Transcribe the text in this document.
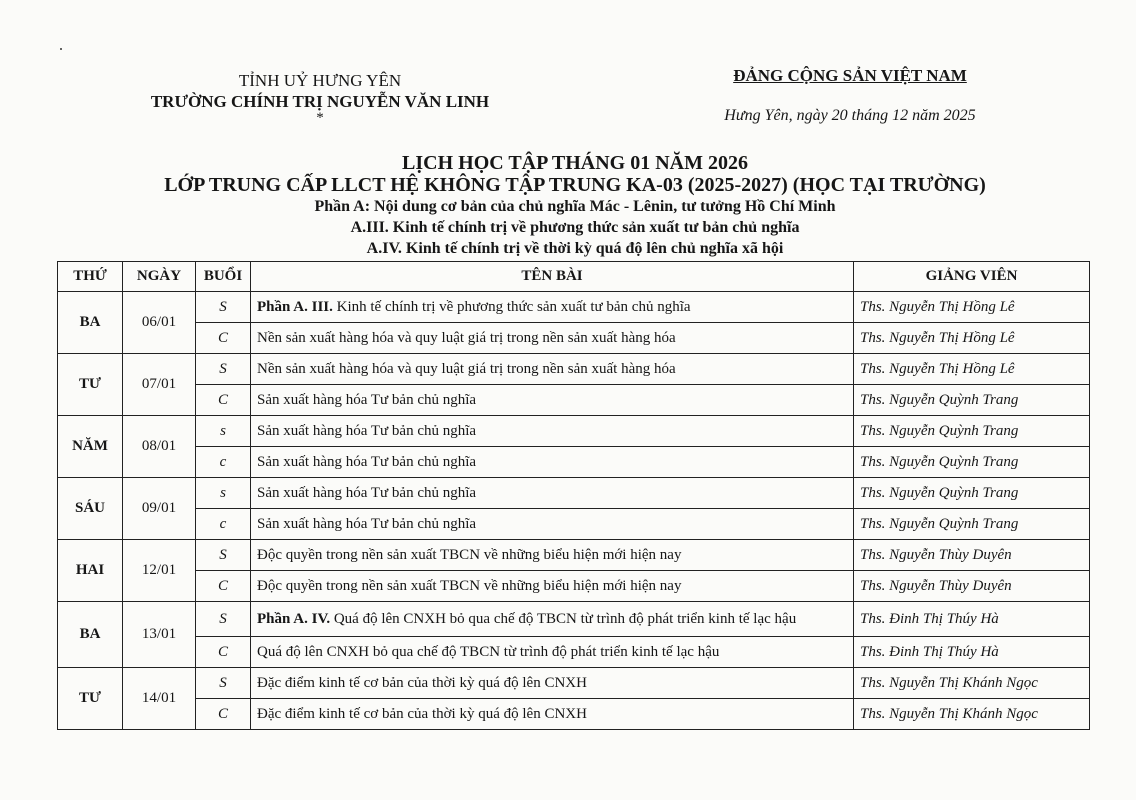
TỈNH UỶ HƯNG YÊN
TRƯỜNG CHÍNH TRỊ NGUYỄN VĂN LINH
*
ĐẢNG CỘNG SẢN VIỆT NAM
Hưng Yên, ngày 20 tháng 12 năm 2025
LỊCH HỌC TẬP THÁNG 01 NĂM 2026
LỚP TRUNG CẤP LLCT HỆ KHÔNG TẬP TRUNG KA-03 (2025-2027) (HỌC TẠI TRƯỜNG)
Phần A: Nội dung cơ bản của chủ nghĩa Mác - Lênin, tư tưởng Hồ Chí Minh
A.III. Kinh tế chính trị về phương thức sản xuất tư bản chủ nghĩa
A.IV. Kinh tế chính trị về thời kỳ quá độ lên chủ nghĩa xã hội
THỨ	NGÀY	BUỔI	TÊN BÀI	GIẢNG VIÊN
BA	06/01	S	Phần A. III. Kinh tế chính trị về phương thức sản xuất tư bản chủ nghĩa	Ths. Nguyễn Thị Hồng Lê
		C	Nền sản xuất hàng hóa và quy luật giá trị trong nền sản xuất hàng hóa	Ths. Nguyễn Thị Hồng Lê
TƯ	07/01	S	Nền sản xuất hàng hóa và quy luật giá trị trong nền sản xuất hàng hóa	Ths. Nguyễn Thị Hồng Lê
		C	Sản xuất hàng hóa Tư bản chủ nghĩa	Ths. Nguyễn Quỳnh Trang
NĂM	08/01	s	Sản xuất hàng hóa Tư bản chủ nghĩa	Ths. Nguyễn Quỳnh Trang
		c	Sản xuất hàng hóa Tư bản chủ nghĩa	Ths. Nguyễn Quỳnh Trang
SÁU	09/01	s	Sản xuất hàng hóa Tư bản chủ nghĩa	Ths. Nguyễn Quỳnh Trang
		c	Sản xuất hàng hóa Tư bản chủ nghĩa	Ths. Nguyễn Quỳnh Trang
HAI	12/01	S	Độc quyền trong nền sản xuất TBCN về những biểu hiện mới hiện nay	Ths. Nguyễn Thùy Duyên
		C	Độc quyền trong nền sản xuất TBCN về những biểu hiện mới hiện nay	Ths. Nguyễn Thùy Duyên
BA	13/01	S	Phần A. IV. Quá độ lên CNXH bỏ qua chế độ TBCN từ trình độ phát triển kinh tế lạc hậu	Ths. Đinh Thị Thúy Hà
		C	Quá độ lên CNXH bỏ qua chế độ TBCN từ trình độ phát triển kinh tế lạc hậu	Ths. Đinh Thị Thúy Hà
TƯ	14/01	S	Đặc điểm kinh tế cơ bản của thời kỳ quá độ lên CNXH	Ths. Nguyễn Thị Khánh Ngọc
		C	Đặc điểm kinh tế cơ bản của thời kỳ quá độ lên CNXH	Ths. Nguyễn Thị Khánh Ngọc
